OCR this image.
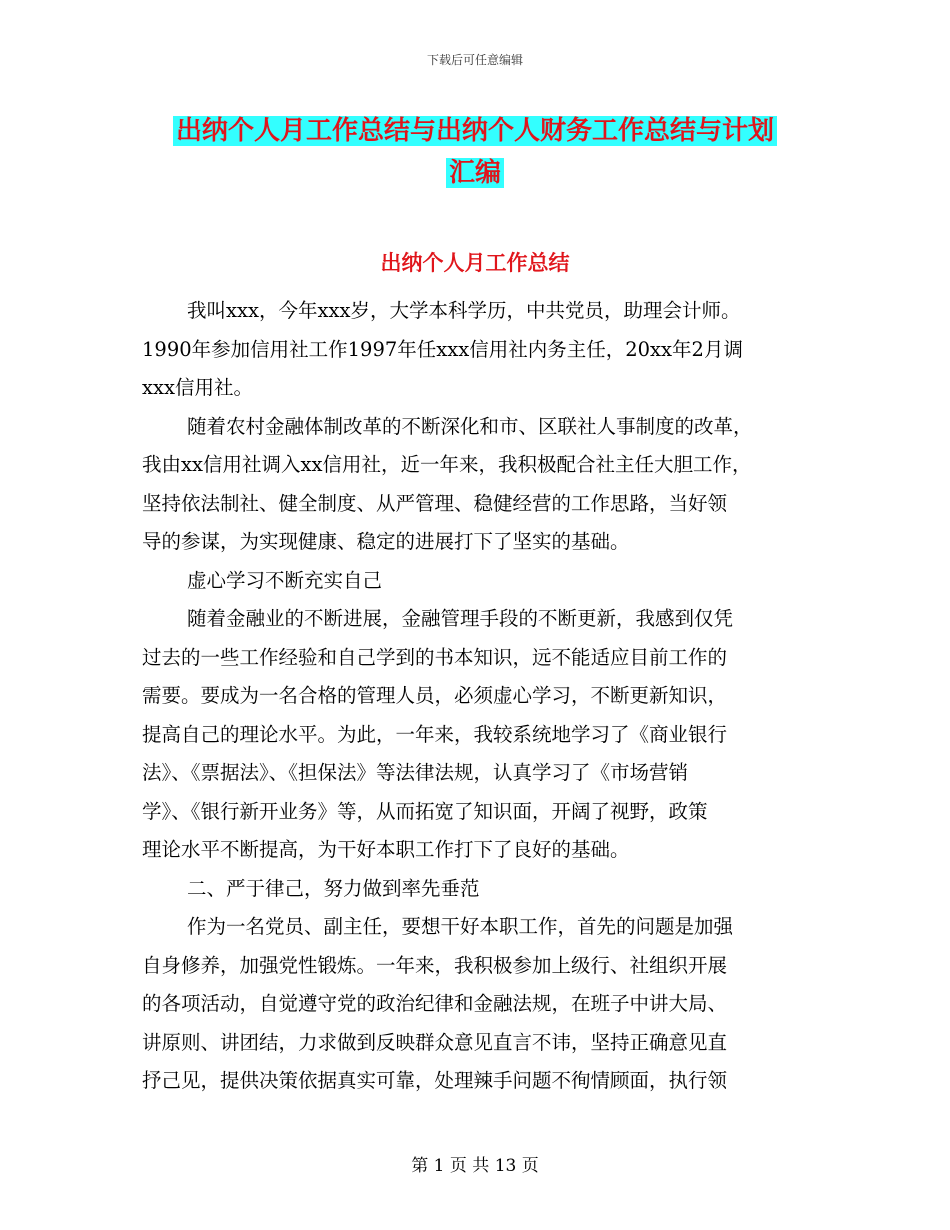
下载后可任意编辑
出纳个人月工作总结与出纳个人财务工作总结与计划
汇编
出纳个人月工作总结
我叫xxx，今年xxx岁，大学本科学历，中共党员，助理会计师。
1990年参加信用社工作1997年任xxx信用社内务主任，20xx年2月调
xxx信用社。
随着农村金融体制改革的不断深化和市、区联社人事制度的改革，
我由xx信用社调入xx信用社，近一年来，我积极配合社主任大胆工作，
坚持依法制社、健全制度、从严管理、稳健经营的工作思路，当好领
导的参谋，为实现健康、稳定的进展打下了坚实的基础。
虚心学习不断充实自己
随着金融业的不断进展，金融管理手段的不断更新，我感到仅凭
过去的一些工作经验和自己学到的书本知识，远不能适应目前工作的
需要。要成为一名合格的管理人员，必须虚心学习，不断更新知识，
提高自己的理论水平。为此，一年来，我较系统地学习了《商业银行
法》、《票据法》、《担保法》等法律法规，认真学习了《市场营销
学》、《银行新开业务》等，从而拓宽了知识面，开阔了视野，政策
理论水平不断提高，为干好本职工作打下了良好的基础。
二、严于律己，努力做到率先垂范
作为一名党员、副主任，要想干好本职工作，首先的问题是加强
自身修养，加强党性锻炼。一年来，我积极参加上级行、社组织开展
的各项活动，自觉遵守党的政治纪律和金融法规，在班子中讲大局、
讲原则、讲团结，力求做到反映群众意见直言不讳，坚持正确意见直
抒己见，提供决策依据真实可靠，处理辣手问题不徇情顾面，执行领
第 1 页 共 13 页
